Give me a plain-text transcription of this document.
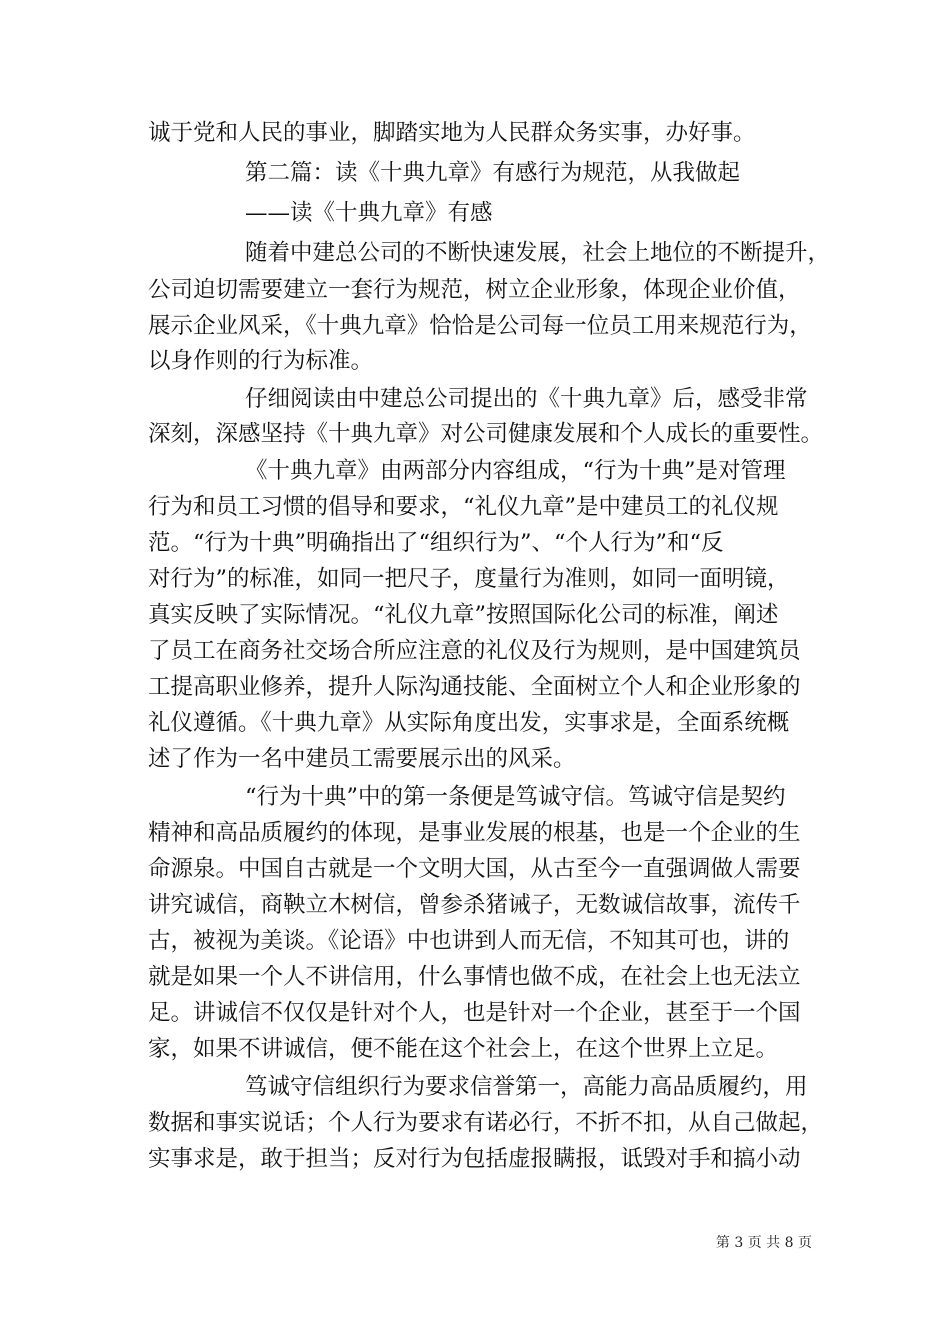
诚于党和人民的事业，脚踏实地为人民群众务实事，办好事。
第二篇：读《十典九章》有感行为规范，从我做起
——读《十典九章》有感
随着中建总公司的不断快速发展，社会上地位的不断提升，
公司迫切需要建立一套行为规范，树立企业形象，体现企业价值，
展示企业风采，《十典九章》恰恰是公司每一位员工用来规范行为，
以身作则的行为标准。
仔细阅读由中建总公司提出的《十典九章》后，感受非常
深刻，深感坚持《十典九章》对公司健康发展和个人成长的重要性。
《十典九章》由两部分内容组成，“行为十典”是对管理
行为和员工习惯的倡导和要求，“礼仪九章”是中建员工的礼仪规
范。“行为十典”明确指出了“组织行为”、“个人行为”和“反
对行为”的标准，如同一把尺子，度量行为准则，如同一面明镜，
真实反映了实际情况。“礼仪九章”按照国际化公司的标准，阐述
了员工在商务社交场合所应注意的礼仪及行为规则，是中国建筑员
工提高职业修养，提升人际沟通技能、全面树立个人和企业形象的
礼仪遵循。《十典九章》从实际角度出发，实事求是，全面系统概
述了作为一名中建员工需要展示出的风采。
“行为十典”中的第一条便是笃诚守信。笃诚守信是契约
精神和高品质履约的体现，是事业发展的根基，也是一个企业的生
命源泉。中国自古就是一个文明大国，从古至今一直强调做人需要
讲究诚信，商鞅立木树信，曾参杀猪诫子，无数诚信故事，流传千
古，被视为美谈。《论语》中也讲到人而无信，不知其可也，讲的
就是如果一个人不讲信用，什么事情也做不成，在社会上也无法立
足。讲诚信不仅仅是针对个人，也是针对一个企业，甚至于一个国
家，如果不讲诚信，便不能在这个社会上，在这个世界上立足。
笃诚守信组织行为要求信誉第一，高能力高品质履约，用
数据和事实说话；个人行为要求有诺必行，不折不扣，从自己做起，
实事求是，敢于担当；反对行为包括虚报瞒报，诋毁对手和搞小动
第 3 页 共 8 页
